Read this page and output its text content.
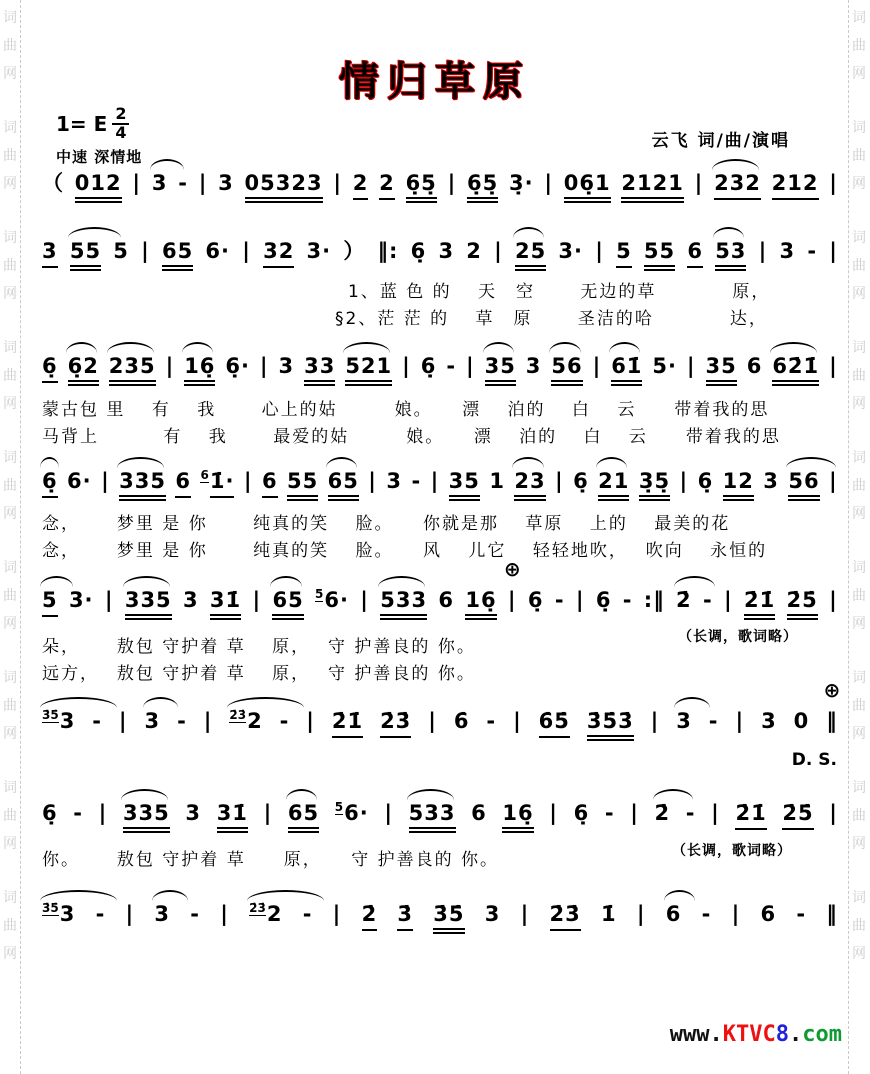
词
曲
网
词
曲
网
词
曲
网
词
曲
网
词
曲
网
词
曲
网
词
曲
网
词
曲
网
词
曲
网
词
曲
网
词
曲
网
词
曲
网
词
曲
网
词
曲
网
词
曲
网
词
曲
网
词
曲
网
词
曲
网
情归草原
1= E $\frac{2}{4}$
中速 深情地
云飞 词/曲/演唱
（ 012 | 3 - | 3 05323 | 2 2 6̣5̣ | 6̣5̣ 3̣· | 06̣1 2121 | 232 212 |
3 55 5 | 65 6· | 32 3· ） ‖: 6̣ 3 2 | 25 3· | 5 55 6 53 | 3 - |
1、蓝 色 的　 天　空　　 无边的草　　　　原，
§2、茫 茫 的　 草　原　　 圣洁的哈　　　　达，
6̣ 6̣2 235 | 16̣ 6̣· | 3 33 521 | 6̣ - | 35 3 56 | 61̇ 5· | 35 6 62̇1̇ |
蒙古包 里　 有　 我　　 心上的姑　　　娘。　　漂　 泊的　 白　 云　　带着我的思
马背上　　　 有　 我　　 最爱的姑　　　娘。　　漂　 泊的　 白　 云　　带着我的思
6̣ 6· | 335 6 $^6$1̇· | 6 55 65 | 3 - | 35 1 23 | 6̣ 21 3̣5̣ | 6̣ 12 3 56 |
念，　　 梦里 是 你　　 纯真的笑　 脸。　　你就是那　 草原　 上的　 最美的花
念，　　 梦里 是 你　　 纯真的笑　 脸。　　风　 儿它　 轻轻地吹，　 吹向　 永恒的
5 3· | 335 3 31̇ | 65 $^5$6· | 533 6 16̣ |
⊕
6̣ - | 6̣ - :‖ 2̇ - | 2̇1̇ 2̇5̇ |
（长调，歌词略）
朵，　　 敖包 守护着 草　 原，　 守 护善良的 你。
远方，　 敖包 守护着 草　 原，　 守 护善良的 你。
$^{3̇5̇}$3 - | 3 - | $^{2̇3̇}$2 - | 2̇1̇ 2̇3̇ | 6̇ - | 6̇5̇ 3̇5̇3̇ | 3 - | 3 0 ‖
⊕
D. S.
6̣ - | 335 3 31̇ | 65 $^5$6· | 533 6 16̣ | 6̣ - | 2̇ - | 2̇1̇ 2̇5̇ |
（长调，歌词略）
你。　　 敖包 守护着 草　　原，　　守 护善良的 你。
$^{3̇5̇}$3 - | 3 - | $^{2̇3̇}$2 - | 2̇ 3̇ 3̇5̇ 3 | 2̇3̇ 1̇ | 6 - | 6 - ‖
www.KTVC8.com
